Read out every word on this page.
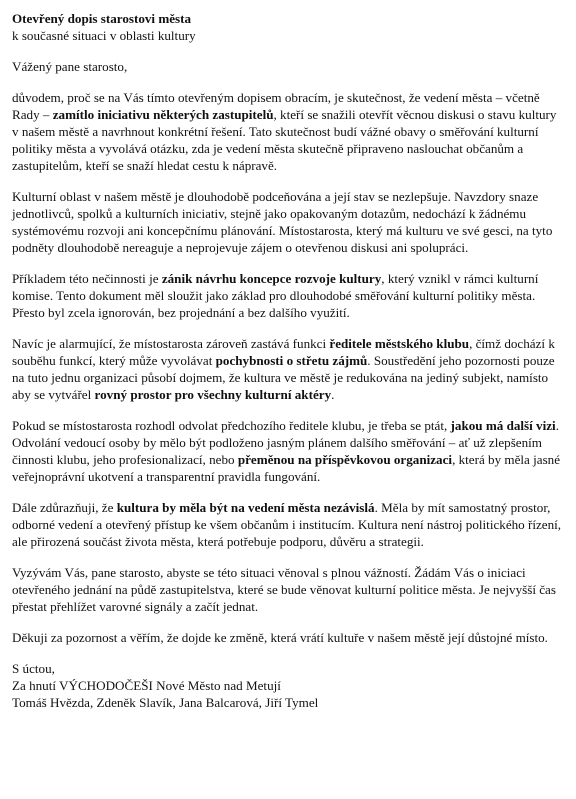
Otevřený dopis starostovi města
k současné situaci v oblasti kultury
Vážený pane starosto,

důvodem, proč se na Vás tímto otevřeným dopisem obracím, je skutečnost, že vedení města – včetně Rady – zamítlo iniciativu některých zastupitelů, kteří se snažili otevřít věcnou diskusi o stavu kultury v našem městě a navrhnout konkrétní řešení. Tato skutečnost budí vážné obavy o směřování kulturní politiky města a vyvolává otázku, zda je vedení města skutečně připraveno naslouchat občanům a zastupitelům, kteří se snaží hledat cestu k nápravě.

Kulturní oblast v našem městě je dlouhodobě podceňována a její stav se nezlepšuje. Navzdory snaze jednotlivců, spolků a kulturních iniciativ, stejně jako opakovaným dotazům, nedochází k žádnému systémovému rozvoji ani koncepčnímu plánování. Místostarosta, který má kulturu ve své gesci, na tyto podněty dlouhodobě nereaguje a neprojevuje zájem o otevřenou diskusi ani spolupráci.

Příkladem této nečinnosti je zánik návrhu koncepce rozvoje kultury, který vznikl v rámci kulturní komise. Tento dokument měl sloužit jako základ pro dlouhodobé směřování kulturní politiky města. Přesto byl zcela ignorován, bez projednání a bez dalšího využití.

Navíc je alarmující, že místostarosta zároveň zastává funkci ředitele městského klubu, čímž dochází k souběhu funkcí, který může vyvolávat pochybnosti o střetu zájmů. Soustředění jeho pozornosti pouze na tuto jednu organizaci působí dojmem, že kultura ve městě je redukována na jediný subjekt, namísto aby se vytvářel rovný prostor pro všechny kulturní aktéry.

Pokud se místostarosta rozhodl odvolat předchozího ředitele klubu, je třeba se ptát, jakou má další vizi. Odvolání vedoucí osoby by mělo být podloženo jasným plánem dalšího směřování – ať už zlepšením činnosti klubu, jeho profesionalizací, nebo přeměnou na příspěvkovou organizaci, která by měla jasné veřejnoprávní ukotvení a transparentní pravidla fungování.

Dále zdůrazňuji, že kultura by měla být na vedení města nezávislá. Měla by mít samostatný prostor, odborné vedení a otevřený přístup ke všem občanům i institucím. Kultura není nástroj politického řízení, ale přirozená součást života města, která potřebuje podporu, důvěru a strategii.

Vyzývám Vás, pane starosto, abyste se této situaci věnoval s plnou vážností. Žádám Vás o iniciaci otevřeného jednání na půdě zastupitelstva, které se bude věnovat kulturní politice města. Je nejvyšší čas přestat přehlížet varovné signály a začít jednat.

Děkuji za pozornost a věřím, že dojde ke změně, která vrátí kultuře v našem městě její důstojné místo.

S úctou,
Za hnutí VÝCHODOČEŠI Nové Město nad Metují
Tomáš Hvězda, Zdeněk Slavík, Jana Balcarová, Jiří Tymel
